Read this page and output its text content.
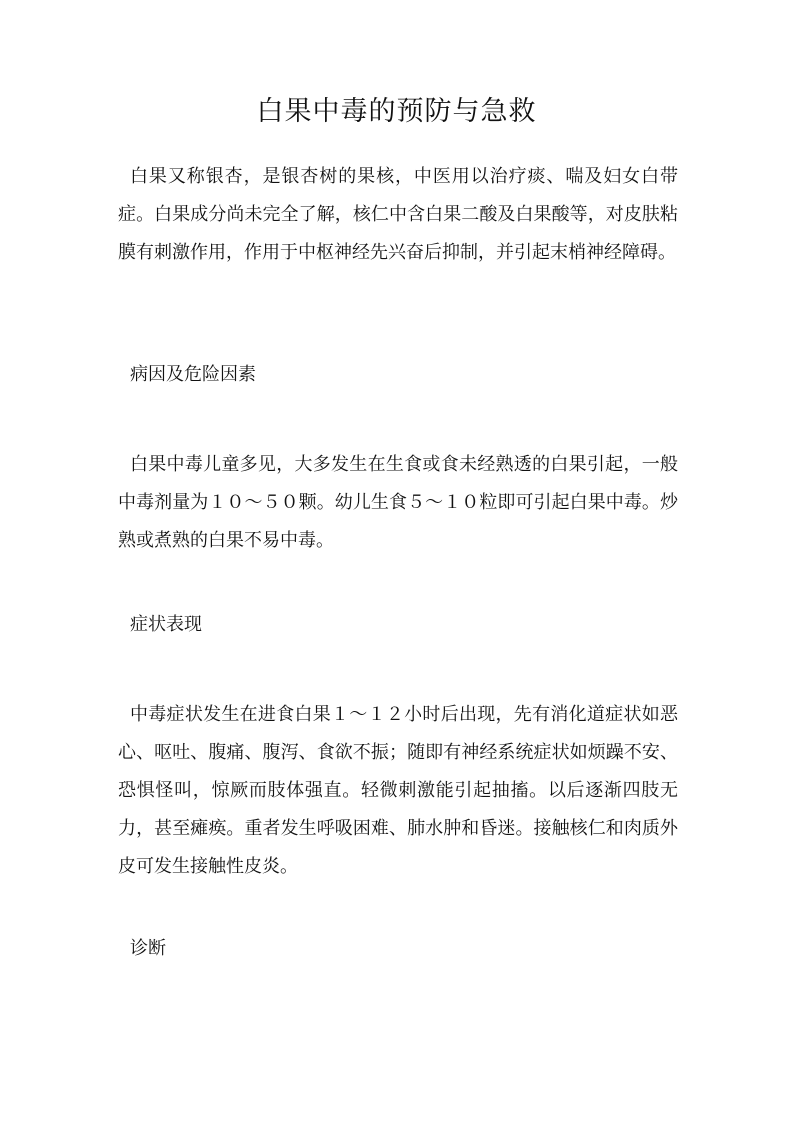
白果中毒的预防与急救

白果又称银杏，是银杏树的果核，中医用以治疗痰、喘及妇女白带症。白果成分尚未完全了解，核仁中含白果二酸及白果酸等，对皮肤粘膜有刺激作用，作用于中枢神经先兴奋后抑制，并引起末梢神经障碍。

病因及危险因素

白果中毒儿童多见，大多发生在生食或食未经熟透的白果引起，一般中毒剂量为１０～５０颗。幼儿生食５～１０粒即可引起白果中毒。炒熟或煮熟的白果不易中毒。

症状表现

中毒症状发生在进食白果１～１２小时后出现，先有消化道症状如恶心、呕吐、腹痛、腹泻、食欲不振；随即有神经系统症状如烦躁不安、恐惧怪叫，惊厥而肢体强直。轻微刺激能引起抽搐。以后逐渐四肢无力，甚至瘫痪。重者发生呼吸困难、肺水肿和昏迷。接触核仁和肉质外皮可发生接触性皮炎。

诊断
